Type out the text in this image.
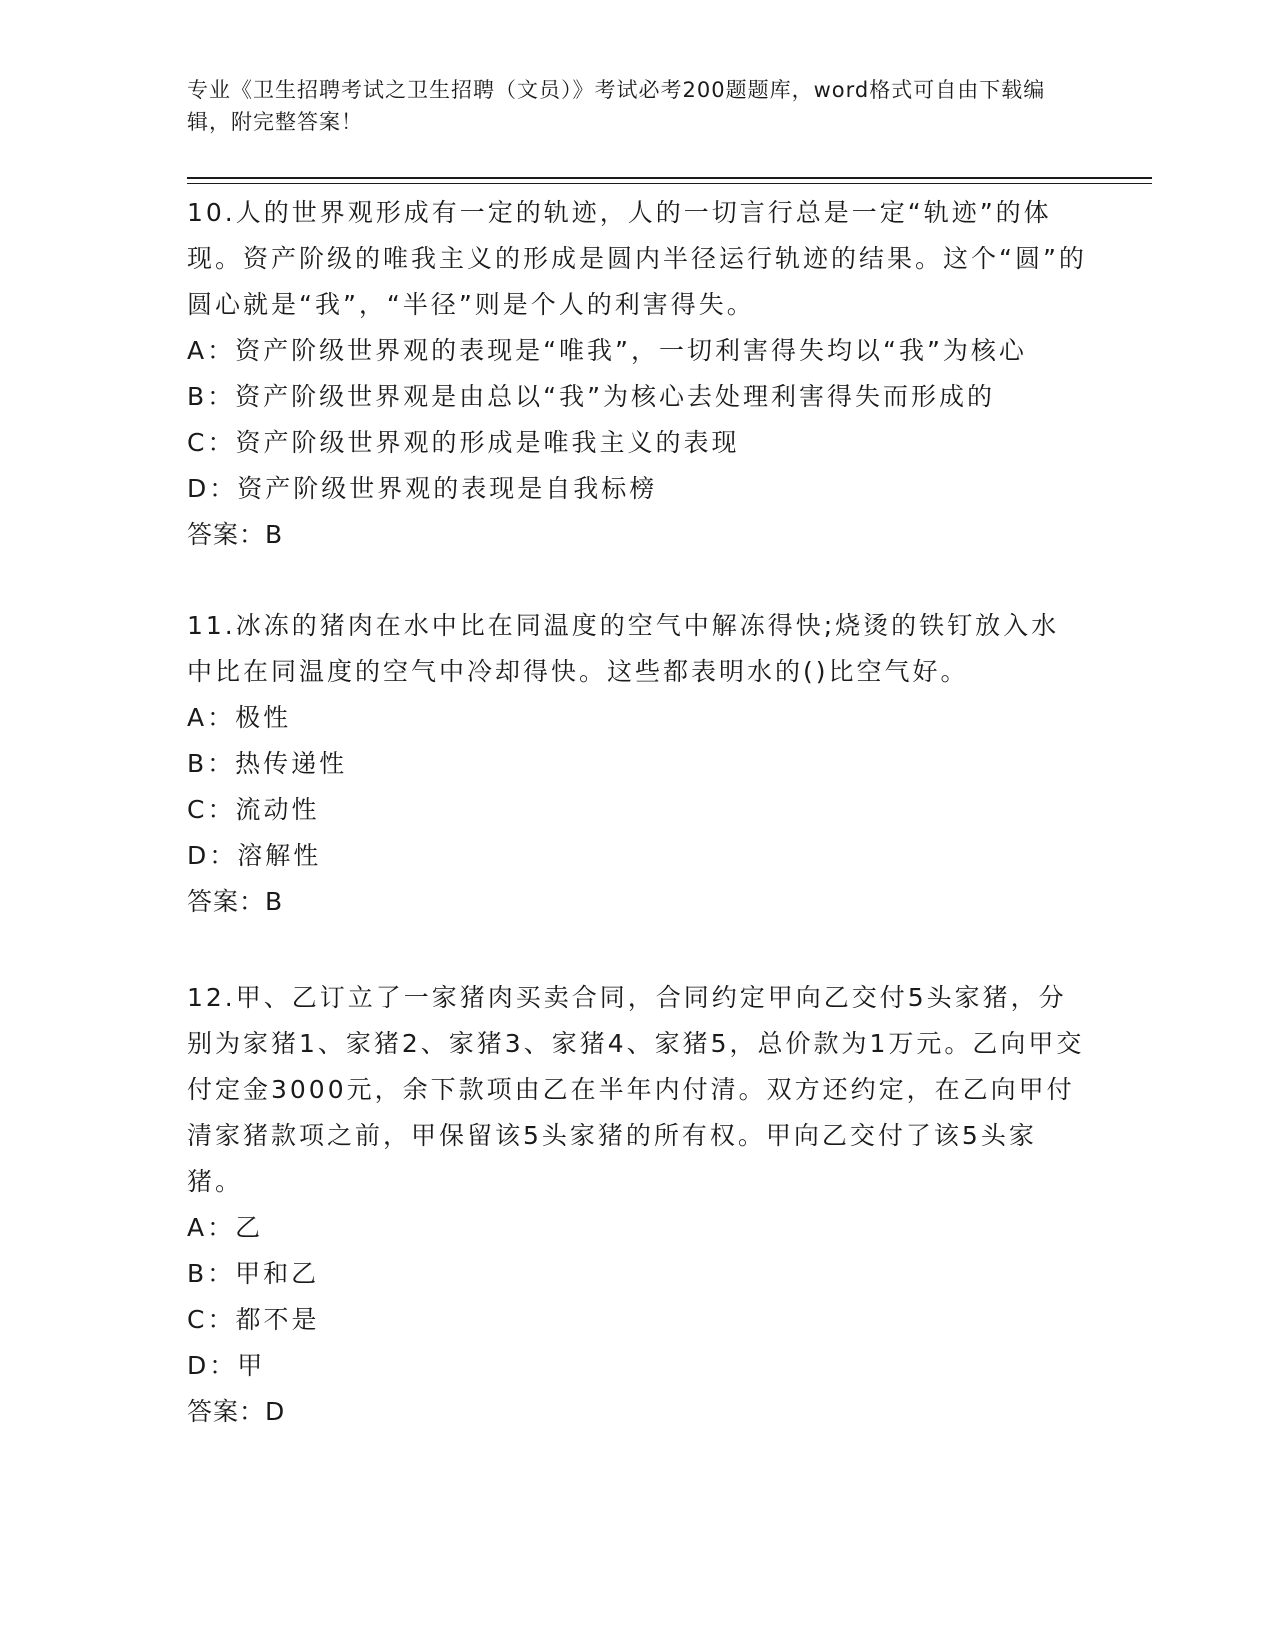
专业《卫生招聘考试之卫生招聘（文员）》考试必考200题题库，word格式可自由下载编辑，附完整答案！
10.人的世界观形成有一定的轨迹，人的一切言行总是一定“轨迹”的体现。资产阶级的唯我主义的形成是圆内半径运行轨迹的结果。这个“圆”的圆心就是“我”，“半径”则是个人的利害得失。
A：资产阶级世界观的表现是“唯我”，一切利害得失均以“我”为核心
B：资产阶级世界观是由总以“我”为核心去处理利害得失而形成的
C：资产阶级世界观的形成是唯我主义的表现
D：资产阶级世界观的表现是自我标榜
答案：B
11.冰冻的猪肉在水中比在同温度的空气中解冻得快;烧烫的铁钉放入水中比在同温度的空气中冷却得快。这些都表明水的()比空气好。
A：极性
B：热传递性
C：流动性
D：溶解性
答案：B
12.甲、乙订立了一家猪肉买卖合同，合同约定甲向乙交付5头家猪，分别为家猪1、家猪2、家猪3、家猪4、家猪5，总价款为1万元。乙向甲交付定金3000元，余下款项由乙在半年内付清。双方还约定，在乙向甲付清家猪款项之前，甲保留该5头家猪的所有权。甲向乙交付了该5头家猪。
A：乙
B：甲和乙
C：都不是
D：甲
答案：D
